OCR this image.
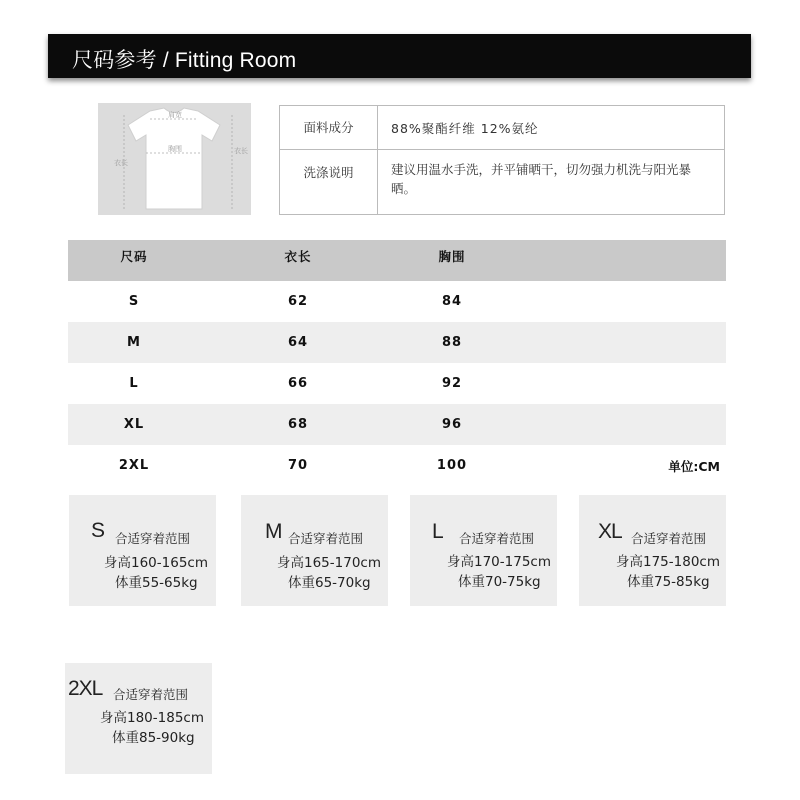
尺码参考 / Fitting Room
肩宽
胸围
衣长
衣长
面料成分	88%聚酯纤维 12%氨纶
洗涤说明	建议用温水手洗，并平铺晒干，切勿强力机洗与阳光暴晒。
尺码	衣长	胸围
S	62	84
M	64	88
L	66	92
XL	68	96
2XL	70	100	单位:CM
S 合适穿着范围
身高160-165cm
体重55-65kg
M 合适穿着范围
身高165-170cm
体重65-70kg
L 合适穿着范围
身高170-175cm
体重70-75kg
XL 合适穿着范围
身高175-180cm
体重75-85kg
2XL 合适穿着范围
身高180-185cm
体重85-90kg
